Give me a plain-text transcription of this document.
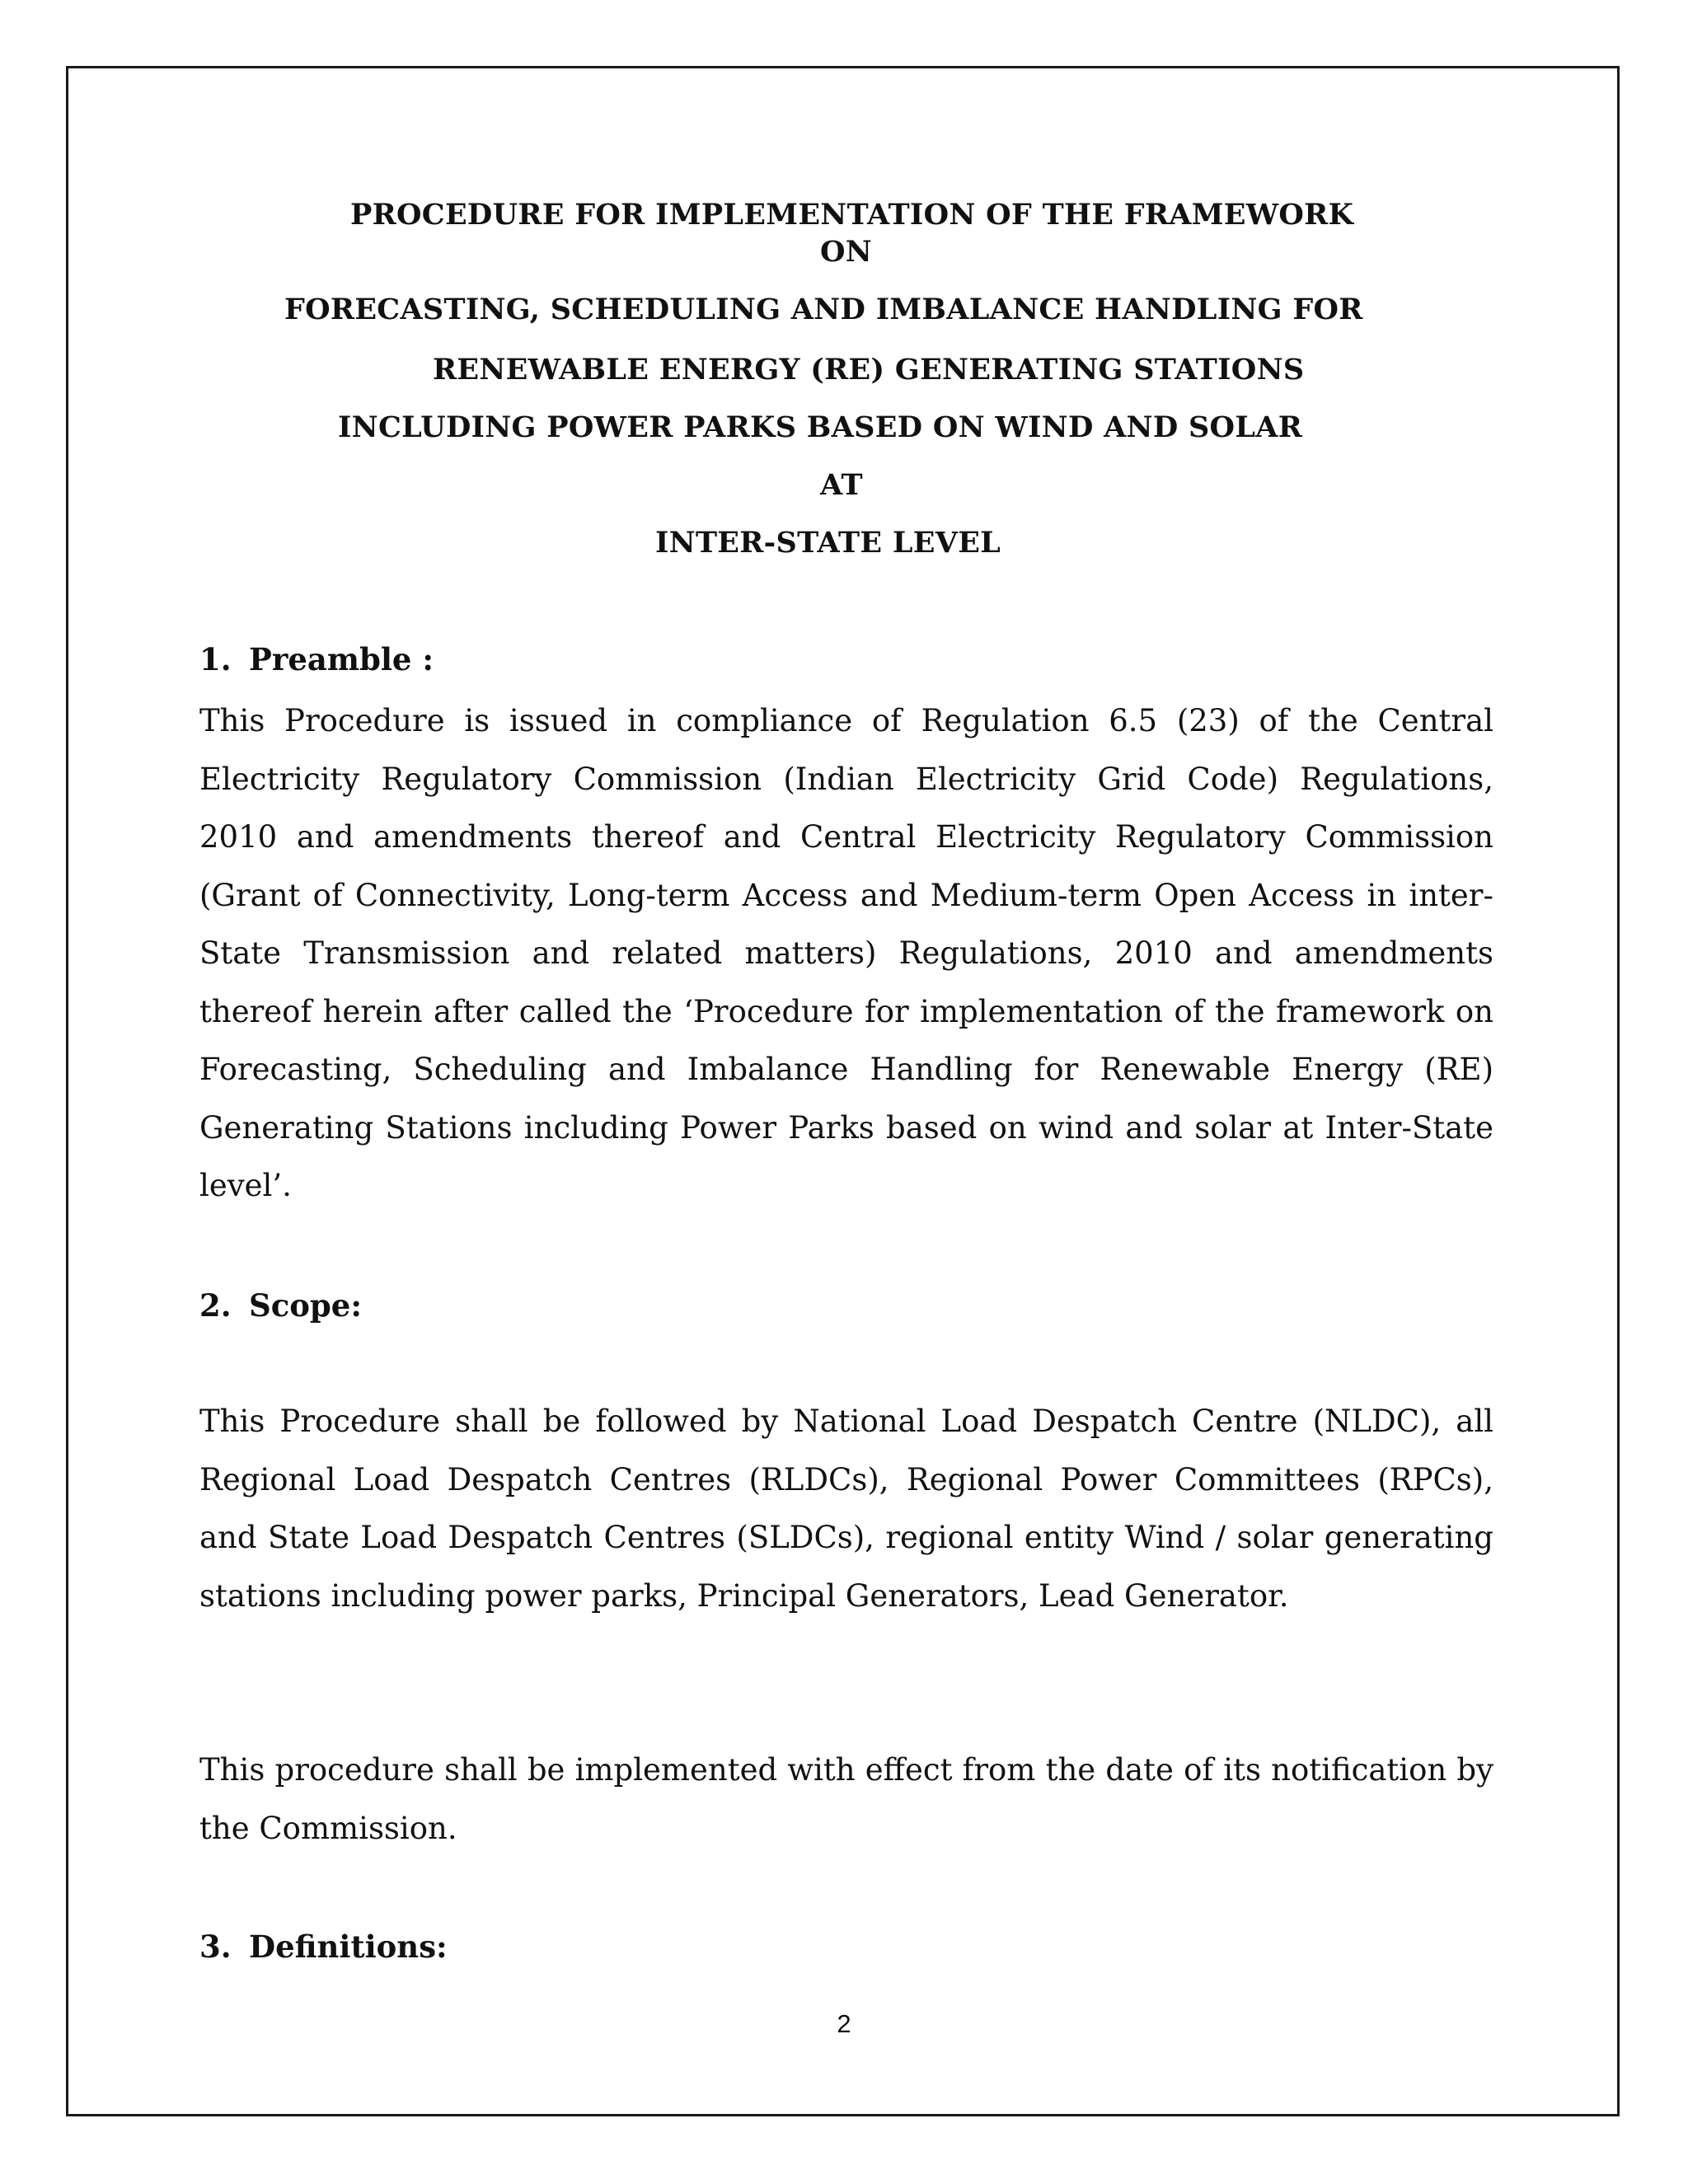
PROCEDURE FOR IMPLEMENTATION OF THE FRAMEWORK
ON
FORECASTING, SCHEDULING AND IMBALANCE HANDLING FOR
RENEWABLE ENERGY (RE) GENERATING STATIONS
INCLUDING POWER PARKS BASED ON WIND AND SOLAR
AT
INTER-STATE LEVEL
1. Preamble :
This Procedure is issued in compliance of Regulation 6.5 (23) of the Central Electricity Regulatory Commission (Indian Electricity Grid Code) Regulations, 2010 and amendments thereof and Central Electricity Regulatory Commission (Grant of Connectivity, Long-term Access and Medium-term Open Access in inter-State Transmission and related matters) Regulations, 2010 and amendments thereof herein after called the ‘Procedure for implementation of the framework on Forecasting, Scheduling and Imbalance Handling for Renewable Energy (RE) Generating Stations including Power Parks based on wind and solar at Inter-State level’.
2. Scope:
This Procedure shall be followed by National Load Despatch Centre (NLDC), all Regional Load Despatch Centres (RLDCs), Regional Power Committees (RPCs), and State Load Despatch Centres (SLDCs), regional entity Wind / solar generating stations including power parks, Principal Generators, Lead Generator.
This procedure shall be implemented with effect from the date of its notification by the Commission.
3. Definitions:
2
